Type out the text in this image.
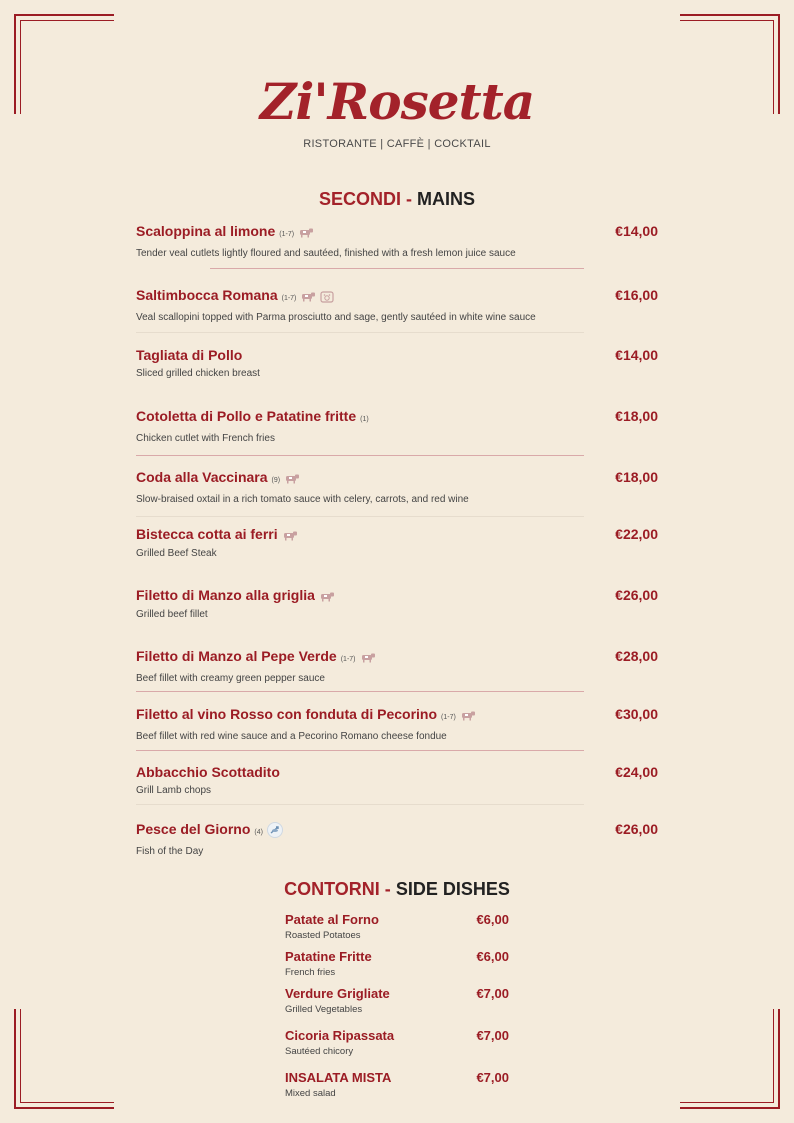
Zi'Rosetta
RISTORANTE | CAFFÈ | COCKTAIL
SECONDI - MAINS
Scaloppina al limone (1-7)	€14,00
Tender veal cutlets lightly floured and sautéed, finished with a fresh lemon juice sauce
Saltimbocca Romana (1-7)	€16,00
Veal scallopini topped with Parma prosciutto and sage, gently sautéed in white wine sauce
Tagliata di Pollo	€14,00
Sliced grilled chicken breast
Cotoletta di Pollo e Patatine fritte (1)	€18,00
Chicken cutlet with French fries
Coda alla Vaccinara (9)	€18,00
Slow-braised oxtail in a rich tomato sauce with celery, carrots, and red wine
Bistecca cotta ai ferri	€22,00
Grilled Beef Steak
Filetto di Manzo alla griglia	€26,00
Grilled beef fillet
Filetto di Manzo al Pepe Verde (1-7)	€28,00
Beef fillet with creamy green pepper sauce
Filetto al vino Rosso con fonduta di Pecorino (1-7)	€30,00
Beef fillet with red wine sauce and a Pecorino Romano cheese fondue
Abbacchio Scottadito	€24,00
Grill Lamb chops
Pesce del Giorno (4)	€26,00
Fish of the Day
CONTORNI - SIDE DISHES
Patate al Forno	€6,00
Roasted Potatoes
Patatine Fritte	€6,00
French fries
Verdure Grigliate	€7,00
Grilled Vegetables
Cicoria Ripassata	€7,00
Sautéed chicory
INSALATA MISTA	€7,00
Mixed salad
